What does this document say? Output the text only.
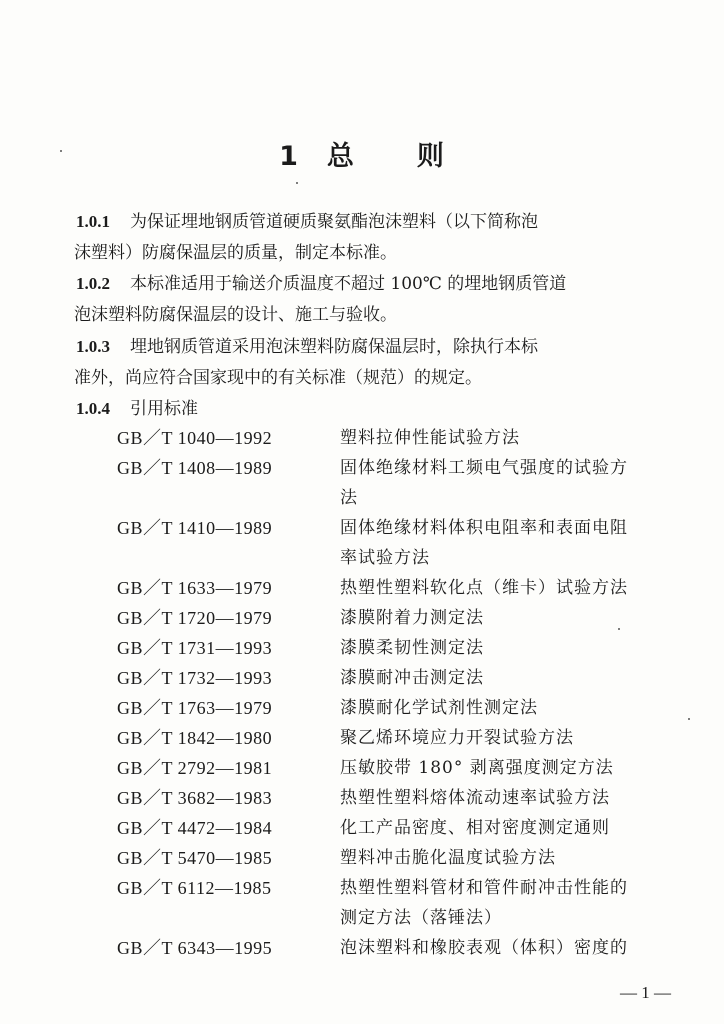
1 总 则
1.0.1 为保证埋地钢质管道硬质聚氨酯泡沫塑料（以下简称泡
沫塑料）防腐保温层的质量，制定本标准。
1.0.2 本标准适用于输送介质温度不超过 100℃ 的埋地钢质管道
泡沫塑料防腐保温层的设计、施工与验收。
1.0.3 埋地钢质管道采用泡沫塑料防腐保温层时，除执行本标
准外，尚应符合国家现中的有关标准（规范）的规定。
1.0.4 引用标准
GB／T 1040—1992	塑料拉伸性能试验方法
GB／T 1408—1989	固体绝缘材料工频电气强度的试验方
法
GB／T 1410—1989	固体绝缘材料体积电阻率和表面电阻
率试验方法
GB／T 1633—1979	热塑性塑料软化点（维卡）试验方法
GB／T 1720—1979	漆膜附着力测定法
GB／T 1731—1993	漆膜柔韧性测定法
GB／T 1732—1993	漆膜耐冲击测定法
GB／T 1763—1979	漆膜耐化学试剂性测定法
GB／T 1842—1980	聚乙烯环境应力开裂试验方法
GB／T 2792—1981	压敏胶带 180° 剥离强度测定方法
GB／T 3682—1983	热塑性塑料熔体流动速率试验方法
GB／T 4472—1984	化工产品密度、相对密度测定通则
GB／T 5470—1985	塑料冲击脆化温度试验方法
GB／T 6112—1985	热塑性塑料管材和管件耐冲击性能的
测定方法（落锤法）
GB／T 6343—1995	泡沫塑料和橡胶表观（体积）密度的
— 1 —
